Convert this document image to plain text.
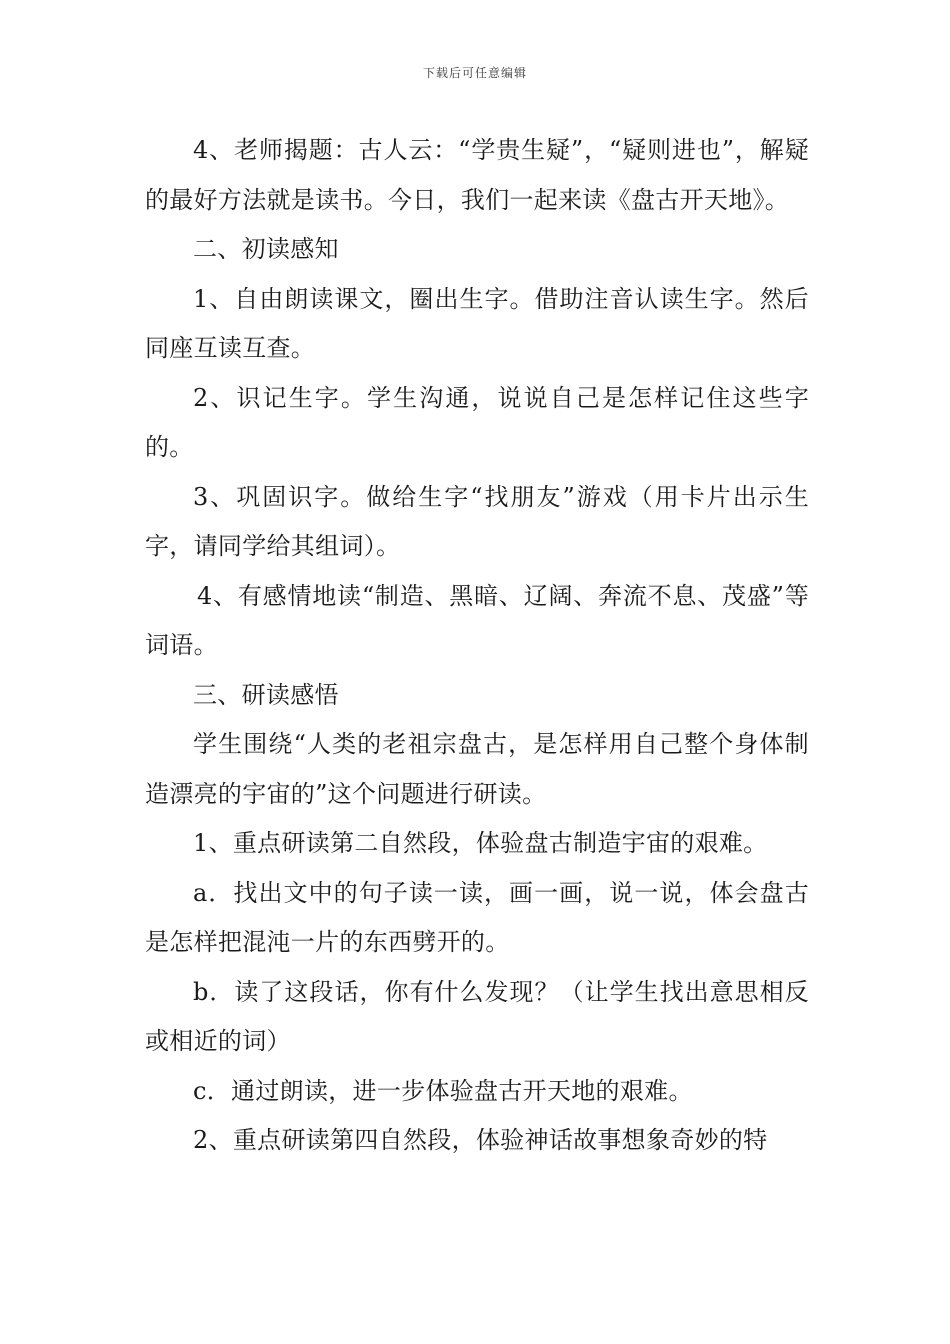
下载后可任意编辑

4、老师揭题：古人云：“学贵生疑”，“疑则进也”，解疑的最好方法就是读书。今日，我们一起来读《盘古开天地》。

二、初读感知

1、自由朗读课文，圈出生字。借助注音认读生字。然后同座互读互查。

2、识记生字。学生沟通，说说自己是怎样记住这些字的。

3、巩固识字。做给生字“找朋友”游戏（用卡片出示生字，请同学给其组词）。

4、有感情地读“制造、黑暗、辽阔、奔流不息、茂盛”等词语。

三、研读感悟

学生围绕“人类的老祖宗盘古，是怎样用自己整个身体制造漂亮的宇宙的”这个问题进行研读。

1、重点研读第二自然段，体验盘古制造宇宙的艰难。

a．找出文中的句子读一读，画一画，说一说，体会盘古是怎样把混沌一片的东西劈开的。

b．读了这段话，你有什么发现？（让学生找出意思相反或相近的词）

c．通过朗读，进一步体验盘古开天地的艰难。

2、重点研读第四自然段，体验神话故事想象奇妙的特
